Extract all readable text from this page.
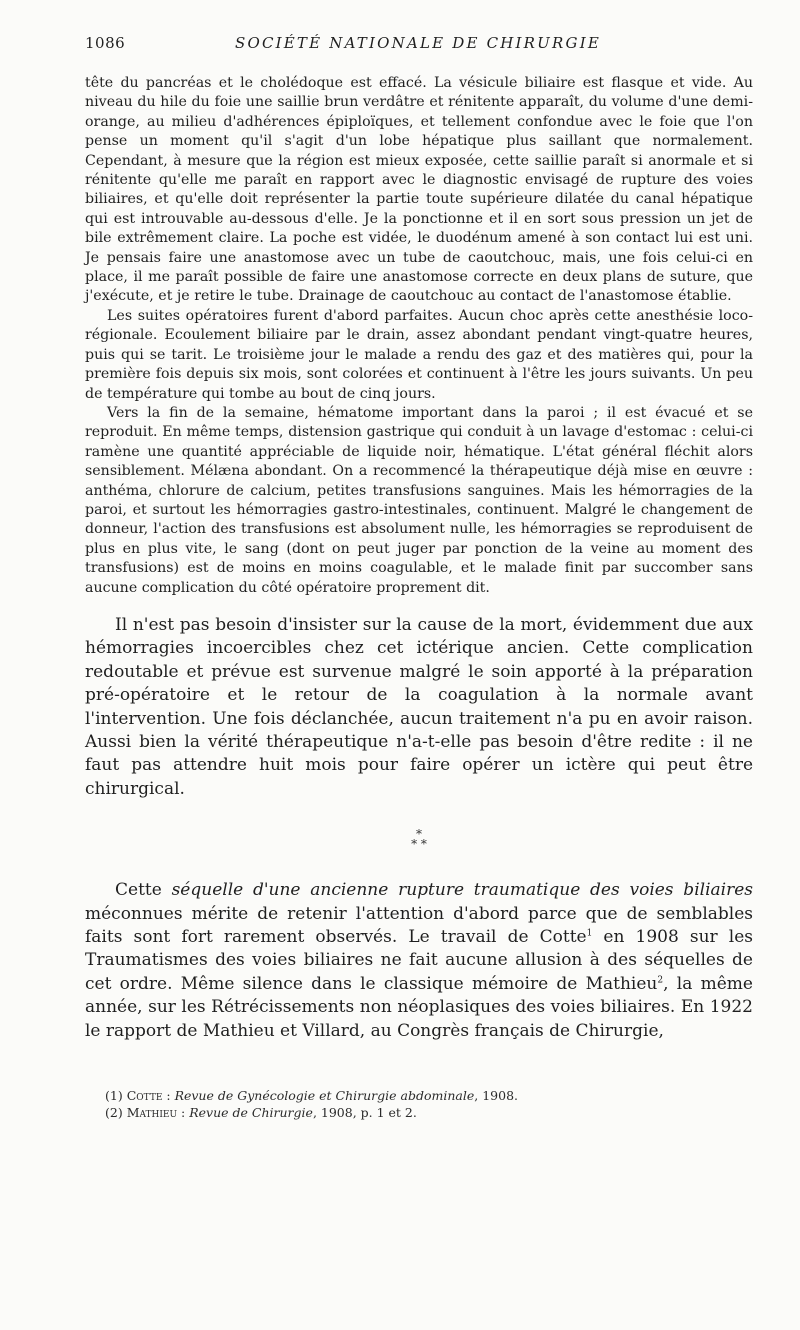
1086	SOCIÉTÉ NATIONALE DE CHIRURGIE

tête du pancréas et le cholédoque est effacé. La vésicule biliaire est flasque et vide. Au niveau du hile du foie une saillie brun verdâtre et rénitente apparaît, du volume d'une demi-orange, au milieu d'adhérences épiploïques, et tellement confondue avec le foie que l'on pense un moment qu'il s'agit d'un lobe hépatique plus saillant que normalement. Cependant, à mesure que la région est mieux exposée, cette saillie paraît si anormale et si rénitente qu'elle me paraît en rapport avec le diagnostic envisagé de rupture des voies biliaires, et qu'elle doit représenter la partie toute supérieure dilatée du canal hépatique qui est introuvable au-dessous d'elle. Je la ponctionne et il en sort sous pression un jet de bile extrêmement claire. La poche est vidée, le duodénum amené à son contact lui est uni. Je pensais faire une anastomose avec un tube de caoutchouc, mais, une fois celui-ci en place, il me paraît possible de faire une anastomose correcte en deux plans de suture, que j'exécute, et je retire le tube. Drainage de caoutchouc au contact de l'anastomose établie.

Les suites opératoires furent d'abord parfaites. Aucun choc après cette anesthésie loco-régionale. Ecoulement biliaire par le drain, assez abondant pendant vingt-quatre heures, puis qui se tarit. Le troisième jour le malade a rendu des gaz et des matières qui, pour la première fois depuis six mois, sont colorées et continuent à l'être les jours suivants. Un peu de température qui tombe au bout de cinq jours.

Vers la fin de la semaine, hématome important dans la paroi ; il est évacué et se reproduit. En même temps, distension gastrique qui conduit à un lavage d'estomac : celui-ci ramène une quantité appréciable de liquide noir, hématique. L'état général fléchit alors sensiblement. Mélæna abondant. On a recommencé la thérapeutique déjà mise en œuvre : anthéma, chlorure de calcium, petites transfusions sanguines. Mais les hémorragies de la paroi, et surtout les hémorragies gastro-intestinales, continuent. Malgré le changement de donneur, l'action des transfusions est absolument nulle, les hémorragies se reproduisent de plus en plus vite, le sang (dont on peut juger par ponction de la veine au moment des transfusions) est de moins en moins coagulable, et le malade finit par succomber sans aucune complication du côté opératoire proprement dit.

Il n'est pas besoin d'insister sur la cause de la mort, évidemment due aux hémorragies incoercibles chez cet ictérique ancien. Cette complication redoutable et prévue est survenue malgré le soin apporté à la préparation pré-opératoire et le retour de la coagulation à la normale avant l'intervention. Une fois déclanchée, aucun traitement n'a pu en avoir raison. Aussi bien la vérité thérapeutique n'a-t-elle pas besoin d'être redite : il ne faut pas attendre huit mois pour faire opérer un ictère qui peut être chirurgical.

*
* *

Cette séquelle d'une ancienne rupture traumatique des voies biliaires méconnues mérite de retenir l'attention d'abord parce que de semblables faits sont fort rarement observés. Le travail de Cotte$^1$ en 1908 sur les Traumatismes des voies biliaires ne fait aucune allusion à des séquelles de cet ordre. Même silence dans le classique mémoire de Mathieu$^2$, la même année, sur les Rétrécissements non néoplasiques des voies biliaires. En 1922 le rapport de Mathieu et Villard, au Congrès français de Chirurgie,

(1) Cotte : Revue de Gynécologie et Chirurgie abdominale, 1908.
(2) Mathieu : Revue de Chirurgie, 1908, p. 1 et 2.
